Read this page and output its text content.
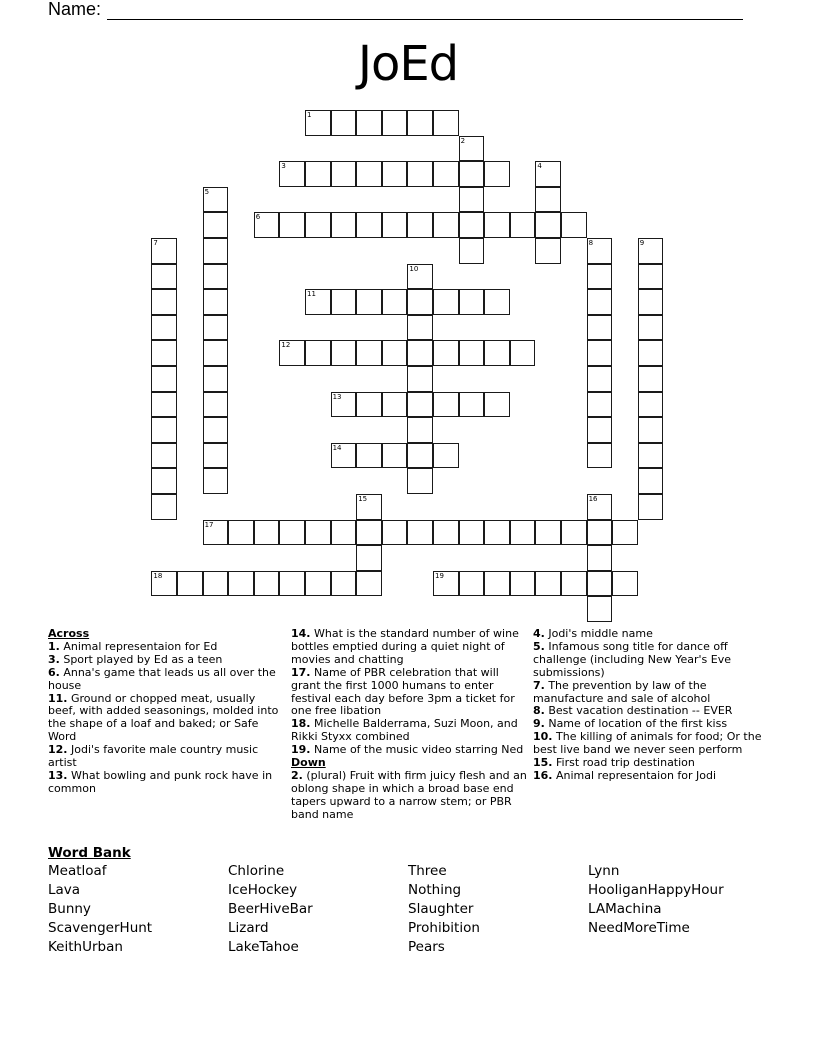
Name:
JoEd
1
2
3	4
5
6
7	8	9
10
11
12
13
14
15	16
17
18	19
Across
1. Animal representaion for Ed
3. Sport played by Ed as a teen
6. Anna's game that leads us all over the house
11. Ground or chopped meat, usually beef, with added seasonings, molded into the shape of a loaf and baked; or Safe Word
12. Jodi's favorite male country music artist
13. What bowling and punk rock have in common
14. What is the standard number of wine bottles emptied during a quiet night of movies and chatting
17. Name of PBR celebration that will grant the first 1000 humans to enter festival each day before 3pm a ticket for one free libation
18. Michelle Balderrama, Suzi Moon, and Rikki Styxx combined
19. Name of the music video starring Ned
Down
2. (plural) Fruit with firm juicy flesh and an oblong shape in which a broad base end tapers upward to a narrow stem; or PBR band name
4. Jodi's middle name
5. Infamous song title for dance off challenge (including New Year's Eve submissions)
7. The prevention by law of the manufacture and sale of alcohol
8. Best vacation destination -- EVER
9. Name of location of the first kiss
10. The killing of animals for food; Or the best live band we never seen perform
15. First road trip destination
16. Animal representaion for Jodi
Word Bank
Meatloaf
Lava
Bunny
ScavengerHunt
KeithUrban
Chlorine
IceHockey
BeerHiveBar
Lizard
LakeTahoe
Three
Nothing
Slaughter
Prohibition
Pears
Lynn
HooliganHappyHour
LAMachina
NeedMoreTime
